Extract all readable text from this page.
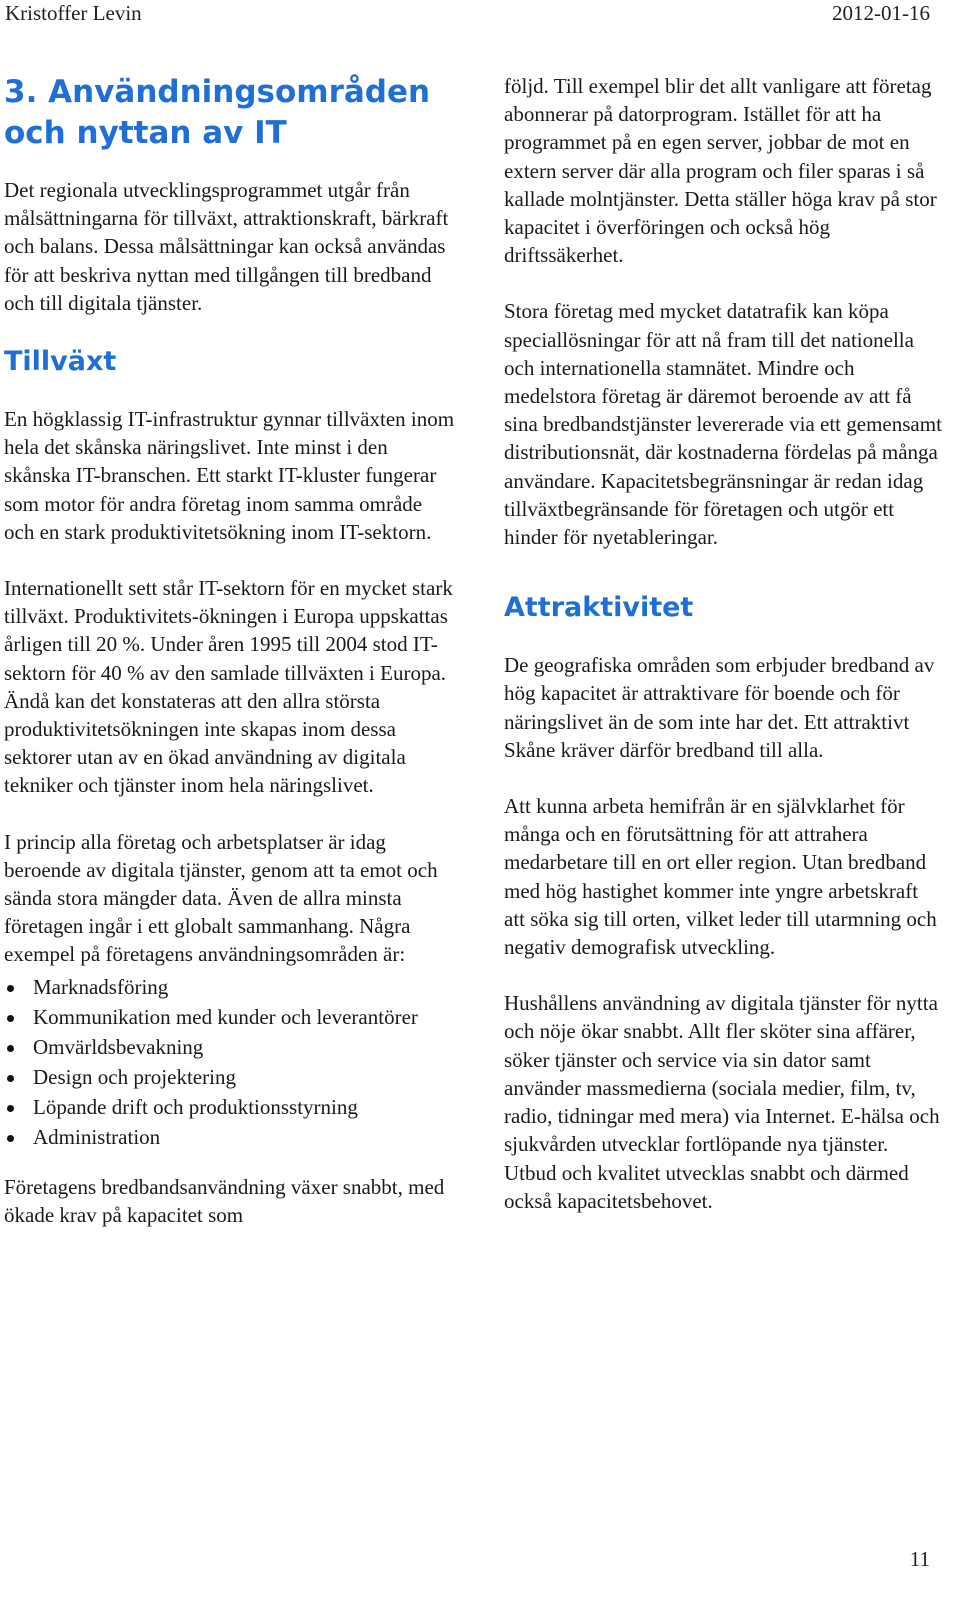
Kristoffer Levin	2012-01-16
3. Användningsområden och nyttan av IT

Det regionala utvecklingsprogrammet utgår från målsättningarna för tillväxt, attraktionskraft, bärkraft och balans. Dessa målsättningar kan också användas för att beskriva nyttan med tillgången till bredband och till digitala tjänster.

Tillväxt

En högklassig IT-infrastruktur gynnar tillväxten inom hela det skånska näringslivet. Inte minst i den skånska IT-branschen. Ett starkt IT-kluster fungerar som motor för andra företag inom samma område och en stark produktivitetsökning inom IT-sektorn.

Internationellt sett står IT-sektorn för en mycket stark tillväxt. Produktivitets-ökningen i Europa uppskattas årligen till 20 %. Under åren 1995 till 2004 stod IT-sektorn för 40 % av den samlade tillväxten i Europa. Ändå kan det konstateras att den allra största produktivitetsökningen inte skapas inom dessa sektorer utan av en ökad användning av digitala tekniker och tjänster inom hela näringslivet.

I princip alla företag och arbetsplatser är idag beroende av digitala tjänster, genom att ta emot och sända stora mängder data. Även de allra minsta företagen ingår i ett globalt sammanhang. Några exempel på företagens användningsområden är:

Marknadsföring
Kommunikation med kunder och leverantörer
Omvärldsbevakning
Design och projektering
Löpande drift och produktionsstyrning
Administration

Företagens bredbandsanvändning växer snabbt, med ökade krav på kapacitet som

följd. Till exempel blir det allt vanligare att företag abonnerar på datorprogram. Istället för att ha programmet på en egen server, jobbar de mot en extern server där alla program och filer sparas i så kallade molntjänster. Detta ställer höga krav på stor kapacitet i överföringen och också hög driftssäkerhet.

Stora företag med mycket datatrafik kan köpa speciallösningar för att nå fram till det nationella och internationella stamnätet. Mindre och medelstora företag är däremot beroende av att få sina bredbandstjänster levererade via ett gemensamt distributionsnät, där kostnaderna fördelas på många användare. Kapacitetsbegränsningar är redan idag tillväxtbegränsande för företagen och utgör ett hinder för nyetableringar.

Attraktivitet

De geografiska områden som erbjuder bredband av hög kapacitet är attraktivare för boende och för näringslivet än de som inte har det. Ett attraktivt Skåne kräver därför bredband till alla.

Att kunna arbeta hemifrån är en självklarhet för många och en förutsättning för att attrahera medarbetare till en ort eller region. Utan bredband med hög hastighet kommer inte yngre arbetskraft att söka sig till orten, vilket leder till utarmning och negativ demografisk utveckling.

Hushållens användning av digitala tjänster för nytta och nöje ökar snabbt. Allt fler sköter sina affärer, söker tjänster och service via sin dator samt använder massmedierna (sociala medier, film, tv, radio, tidningar med mera) via Internet. E-hälsa och sjukvården utvecklar fortlöpande nya tjänster. Utbud och kvalitet utvecklas snabbt och därmed också kapacitetsbehovet.

11
